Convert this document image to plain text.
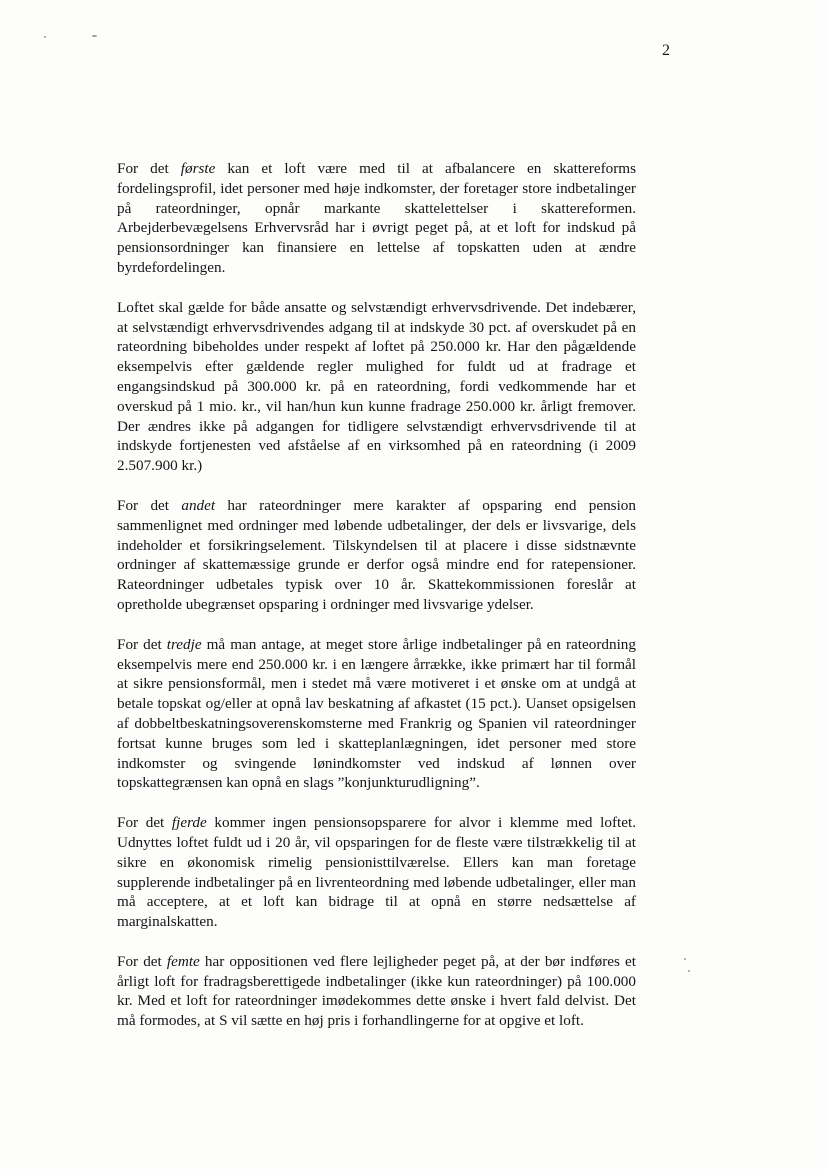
2

For det første kan et loft være med til at afbalancere en skattereforms fordelingsprofil, idet personer med høje indkomster, der foretager store indbetalinger på rateordninger, opnår markante skattelettelser i skattereformen. Arbejderbevægelsens Erhvervsråd har i øvrigt peget på, at et loft for indskud på pensionsordninger kan finansiere en lettelse af topskatten uden at ændre byrdefordelingen.

Loftet skal gælde for både ansatte og selvstændigt erhvervsdrivende. Det indebærer, at selvstændigt erhvervsdrivendes adgang til at indskyde 30 pct. af overskudet på en rateordning bibeholdes under respekt af loftet på 250.000 kr. Har den pågældende eksempelvis efter gældende regler mulighed for fuldt ud at fradrage et engangsindskud på 300.000 kr. på en rateordning, fordi vedkommende har et overskud på 1 mio. kr., vil han/hun kun kunne fradrage 250.000 kr. årligt fremover. Der ændres ikke på adgangen for tidligere selvstændigt erhvervsdrivende til at indskyde fortjenesten ved afståelse af en virksomhed på en rateordning (i 2009 2.507.900 kr.)

For det andet har rateordninger mere karakter af opsparing end pension sammenlignet med ordninger med løbende udbetalinger, der dels er livsvarige, dels indeholder et forsikringselement. Tilskyndelsen til at placere i disse sidstnævnte ordninger af skattemæssige grunde er derfor også mindre end for ratepensioner. Rateordninger udbetales typisk over 10 år. Skattekommissionen foreslår at opretholde ubegrænset opsparing i ordninger med livsvarige ydelser.

For det tredje må man antage, at meget store årlige indbetalinger på en rateordning eksempelvis mere end 250.000 kr. i en længere årrække, ikke primært har til formål at sikre pensionsformål, men i stedet må være motiveret i et ønske om at undgå at betale topskat og/eller at opnå lav beskatning af afkastet (15 pct.). Uanset opsigelsen af dobbeltbeskatningsoverenskomsterne med Frankrig og Spanien vil rateordninger fortsat kunne bruges som led i skatteplanlægningen, idet personer med store indkomster og svingende lønindkomster ved indskud af lønnen over topskattegrænsen kan opnå en slags ”konjunkturudligning”.

For det fjerde kommer ingen pensionsopsparere for alvor i klemme med loftet. Udnyttes loftet fuldt ud i 20 år, vil opsparingen for de fleste være tilstrækkelig til at sikre en økonomisk rimelig pensionisttilværelse. Ellers kan man foretage supplerende indbetalinger på en livrenteordning med løbende udbetalinger, eller man må acceptere, at et loft kan bidrage til at opnå en større nedsættelse af marginalskatten.

For det femte har oppositionen ved flere lejligheder peget på, at der bør indføres et årligt loft for fradragsberettigede indbetalinger (ikke kun rateordninger) på 100.000 kr. Med et loft for rateordninger imødekommes dette ønske i hvert fald delvist. Det må formodes, at S vil sætte en høj pris i forhandlingerne for at opgive et loft.
